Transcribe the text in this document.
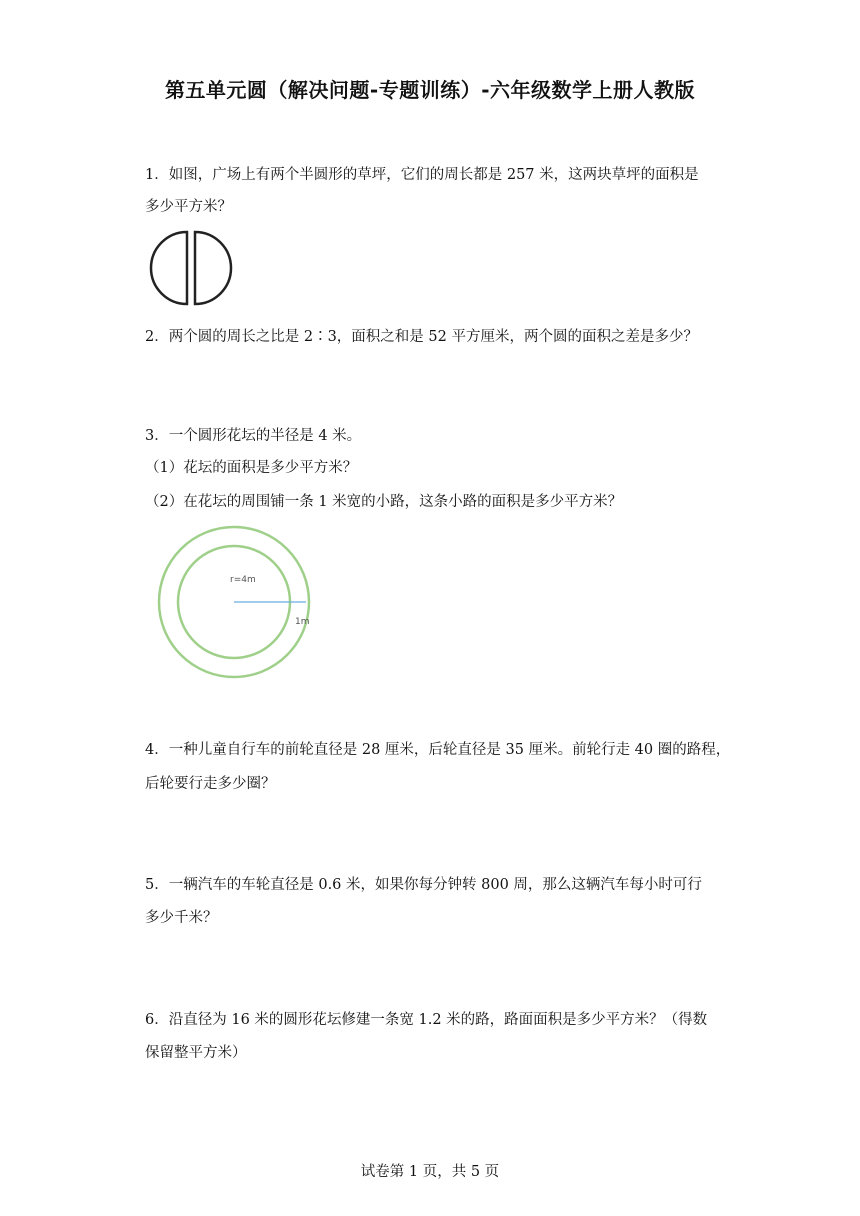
第五单元圆（解决问题-专题训练）-六年级数学上册人教版
1．如图，广场上有两个半圆形的草坪，它们的周长都是 257 米，这两块草坪的面积是
多少平方米？
2．两个圆的周长之比是 2∶3，面积之和是 52 平方厘米，两个圆的面积之差是多少？
3．一个圆形花坛的半径是 4 米。
（1）花坛的面积是多少平方米？
（2）在花坛的周围铺一条 1 米宽的小路，这条小路的面积是多少平方米？
r=4m
1m
4．一种儿童自行车的前轮直径是 28 厘米，后轮直径是 35 厘米。前轮行走 40 圈的路程，
后轮要行走多少圈？
5．一辆汽车的车轮直径是 0.6 米，如果你每分钟转 800 周，那么这辆汽车每小时可行
多少千米？
6．沿直径为 16 米的圆形花坛修建一条宽 1.2 米的路，路面面积是多少平方米？（得数
保留整平方米）
试卷第 1 页，共 5 页
